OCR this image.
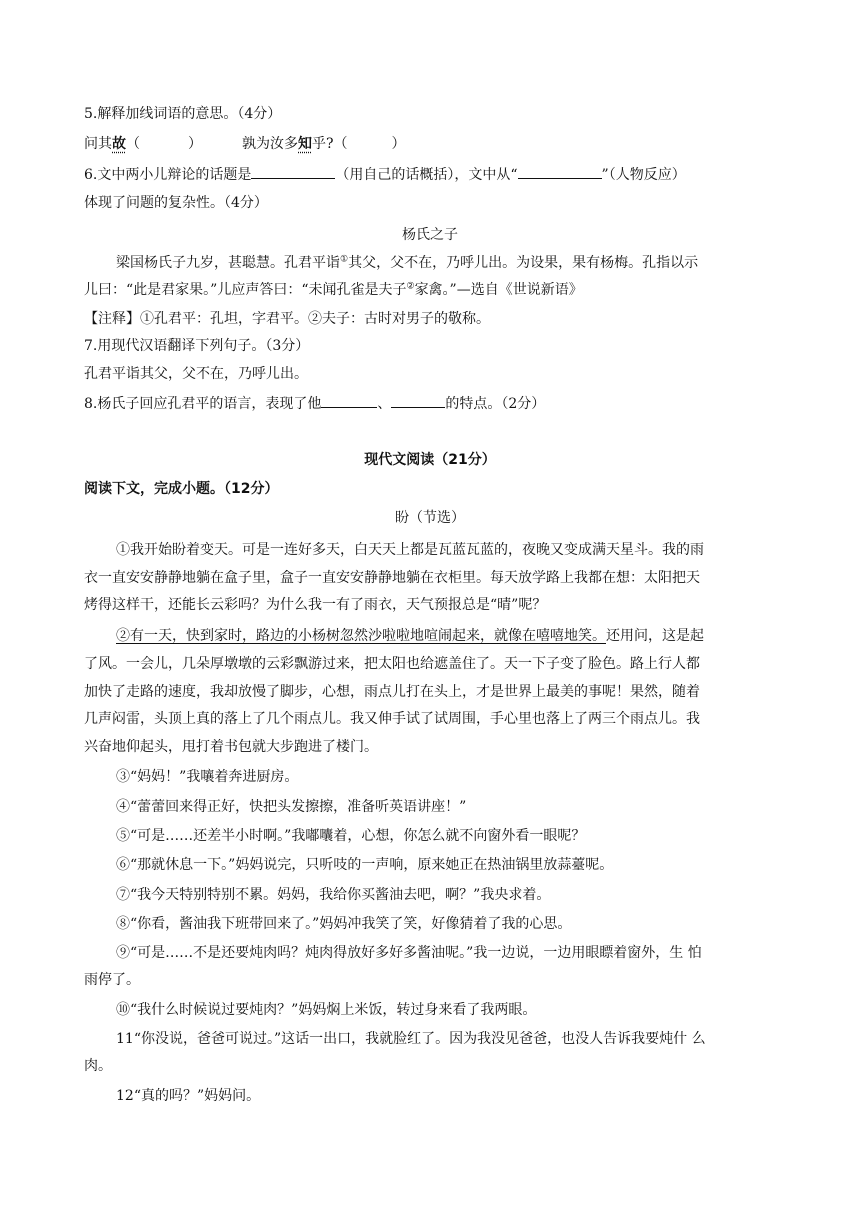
5.解释加线词语的意思。（4分）
问其故（	）	孰为汝多知乎?（	）
6.文中两小儿辩论的话题是	（用自己的话概括），文中从“	”（人物反应）
体现了问题的复杂性。（4分）
杨氏之子
梁国杨氏子九岁，甚聪慧。孔君平诣①其父，父不在，乃呼儿出。为设果，果有杨梅。孔指以示
儿曰：“此是君家果。”儿应声答曰：“未闻孔雀是夫子②家禽。”—选自《世说新语》
【注释】①孔君平：孔坦，字君平。②夫子：古时对男子的敬称。
7.用现代汉语翻译下列句子。（3分）
孔君平诣其父，父不在，乃呼儿出。
8.杨氏子回应孔君平的语言，表现了他	、	的特点。（2分）
现代文阅读（21分）
阅读下文，完成小题。（12分）
盼（节选）
①我开始盼着变天。可是一连好多天，白天天上都是瓦蓝瓦蓝的，夜晚又变成满天星斗。我的雨
衣一直安安静静地躺在盒子里，盒子一直安安静静地躺在衣柜里。每天放学路上我都在想：太阳把天
烤得这样干，还能长云彩吗？为什么我一有了雨衣，天气预报总是“晴”呢？
②有一天，快到家时，路边的小杨树忽然沙啦啦地喧闹起来，就像在嘻嘻地笑。还用问，这是起
了风。一会儿，几朵厚墩墩的云彩飘游过来，把太阳也给遮盖住了。天一下子变了脸色。路上行人都
加快了走路的速度，我却放慢了脚步，心想，雨点儿打在头上，才是世界上最美的事呢！果然，随着
几声闷雷，头顶上真的落上了几个雨点儿。我又伸手试了试周围，手心里也落上了两三个雨点儿。我
兴奋地仰起头，甩打着书包就大步跑进了楼门。
③“妈妈！”我嚷着奔进厨房。
④“蕾蕾回来得正好，快把头发擦擦，准备听英语讲座！”
⑤“可是……还差半小时啊。”我嘟囔着，心想，你怎么就不向窗外看一眼呢？
⑥“那就休息一下。”妈妈说完，只听吱的一声响，原来她正在热油锅里放蒜薹呢。
⑦“我今天特别特别不累。妈妈，我给你买酱油去吧，啊？”我央求着。
⑧“你看，酱油我下班带回来了。”妈妈冲我笑了笑，好像猜着了我的心思。
⑨“可是……不是还要炖肉吗？炖肉得放好多好多酱油呢。”我一边说，一边用眼瞟着窗外，生 怕
雨停了。
⑩“我什么时候说过要炖肉？”妈妈焖上米饭，转过身来看了我两眼。
11“你没说，爸爸可说过。”这话一出口，我就脸红了。因为我没见爸爸，也没人告诉我要炖什 么
肉。
12“真的吗？”妈妈问。
